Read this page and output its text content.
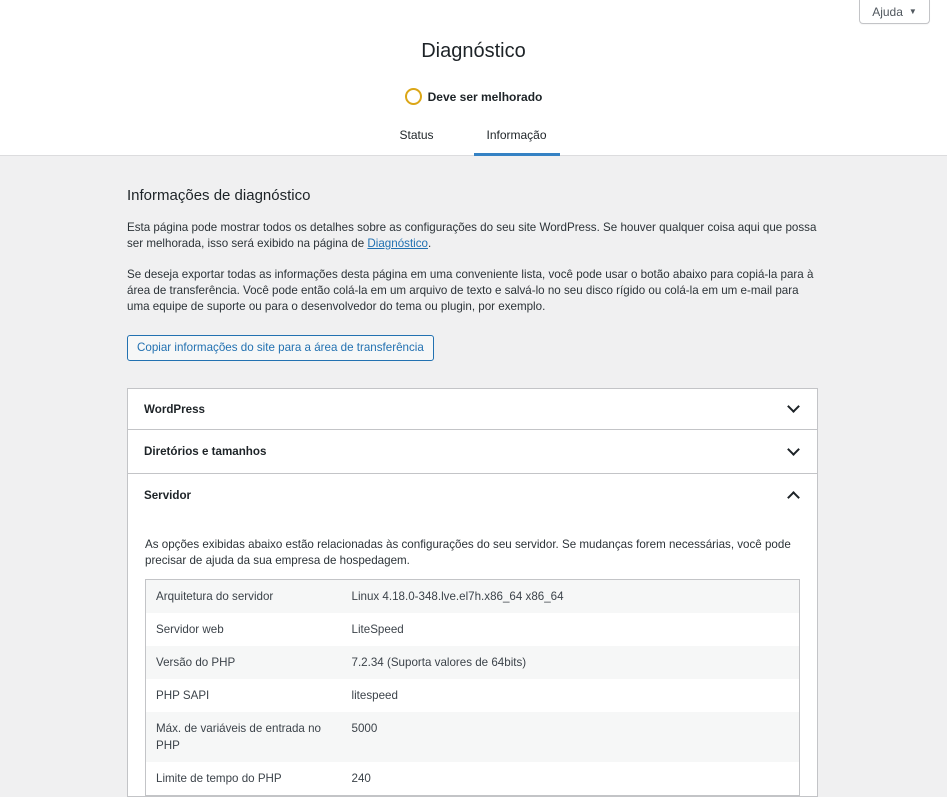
Ajuda ▼
Diagnóstico
Deve ser melhorado
Status	Informação
Informações de diagnóstico

Esta página pode mostrar todos os detalhes sobre as configurações do seu site WordPress. Se houver qualquer coisa aqui que possa ser melhorada, isso será exibido na página de Diagnóstico.

Se deseja exportar todas as informações desta página em uma conveniente lista, você pode usar o botão abaixo para copiá-la para à área de transferência. Você pode então colá-la em um arquivo de texto e salvá-lo no seu disco rígido ou colá-la em um e-mail para uma equipe de suporte ou para o desenvolvedor do tema ou plugin, por exemplo.

Copiar informações do site para a área de transferência
WordPress
Diretórios e tamanhos
Servidor

As opções exibidas abaixo estão relacionadas às configurações do seu servidor. Se mudanças forem necessárias, você pode precisar de ajuda da sua empresa de hospedagem.

Arquitetura do servidor	Linux 4.18.0-348.lve.el7h.x86_64 x86_64
Servidor web	LiteSpeed
Versão do PHP	7.2.34 (Suporta valores de 64bits)
PHP SAPI	litespeed
Máx. de variáveis de entrada no PHP	5000
Limite de tempo do PHP	240
